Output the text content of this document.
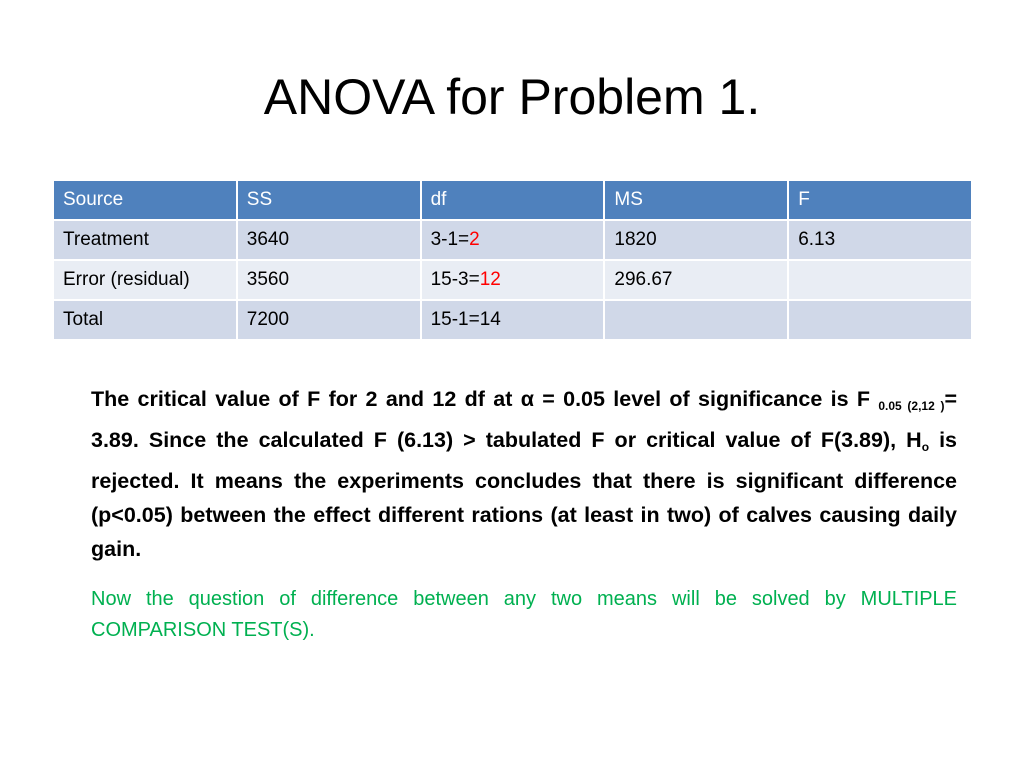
ANOVA for Problem 1.
Source	SS	df	MS	F
Treatment	3640	3-1=2	1820	6.13
Error (residual)	3560	15-3=12	296.67	
Total	7200	15-1=14		

The critical value of F for 2 and 12 df at α = 0.05 level of significance is F $_{0.05 (2,12 )}$= 3.89. Since the calculated F (6.13) > tabulated F or critical value of F(3.89), $H_o$ is rejected. It means the experiments concludes that there is significant difference (p<0.05) between the effect different rations (at least in two) of calves causing daily gain.

Now the question of difference between any two means will be solved by MULTIPLE COMPARISON TEST(S).
